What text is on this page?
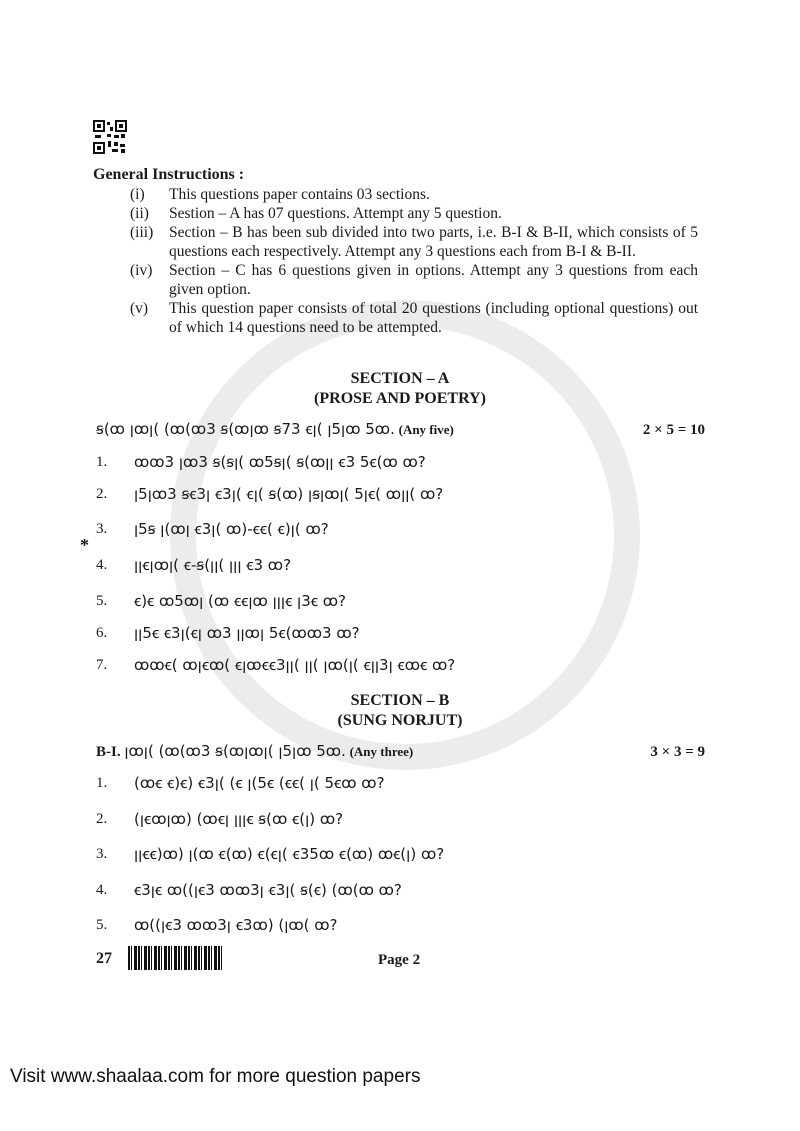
General Instructions :
(i) This questions paper contains 03 sections.
(ii) Sestion – A has 07 questions. Attempt any 5 question.
(iii) Section – B has been sub divided into two parts, i.e. B-I & B-II, which consists of 5 questions each respectively. Attempt any 3 questions each from B-I & B-II.
(iv) Section – C has 6 questions given in options. Attempt any 3 questions from each given option.
(v) This question paper consists of total 20 questions (including optional questions) out of which 14 questions need to be attempted.
SECTION – A
(PROSE AND POETRY)
ꞩ(ꝏ ꞁꝏꞁ( (ꝏ(ꝏ3 ꞩ(ꝏꞁꝏ ꞩ73 ꞓꞁ( ꞁ5ꞁꝏ 5ꝏ. (Any five)	2 × 5 = 10
1. ꝏꝏ3 ꞁꝏ3 ꞩ(ꞩꞁ( ꝏ5ꞩꞁ( ꞩ(ꝏꞁꞁ ꞓ3 5ꞓ(ꝏ ꝏ?
2. ꞁ5ꞁꝏ3 ꞩꞓ3ꞁ ꞓ3ꞁ( ꞓꞁ( ꞩ(ꝏ) ꞁꞩꞁꝏꞁ( 5ꞁꞓ( ꝏꞁꞁ( ꝏ?
3. ꞁ5ꞩ ꞁ(ꝏꞁ ꞓ3ꞁ( ꝏ)-ꞓꞓ( ꞓ)ꞁ( ꝏ?
4. ꞁꞁꞓꞁꝏꞁ( ꞓ-ꞩ(ꞁꞁ( ꞁꞁꞁ ꞓ3 ꝏ?
5. ꞓ)ꞓ ꝏ5ꝏꞁ (ꝏ ꞓꞓꞁꝏ ꞁꞁꞁꞓ ꞁ3ꞓ ꝏ?
6. ꞁꞁ5ꞓ ꞓ3ꞁ(ꞓꞁ ꝏ3 ꞁꞁꝏꞁ 5ꞓ(ꝏꝏ3 ꝏ?
7. ꝏꝏꞓ( ꝏꞁꞓꝏ( ꞓꞁꝏꞓꞓ3ꞁꞁ( ꞁꞁ( ꞁꝏ(ꞁ( ꞓꞁꞁ3ꞁ ꞓꝏꞓ ꝏ?
*
SECTION – B
(SUNG NORJUT)
B-I. ꞁꝏꞁ( (ꝏ(ꝏ3 ꞩ(ꝏꞁꝏꞁ( ꞁ5ꞁꝏ 5ꝏ. (Any three)	3 × 3 = 9
1. (ꝏꞓ ꞓ)ꞓ) ꞓ3ꞁ( (ꞓ ꞁ(5ꞓ (ꞓꞓ( ꞁ( 5ꞓꝏ ꝏ?
2. (ꞁꞓꝏꞁꝏ) (ꝏꞓꞁ ꞁꞁꞁꞓ ꞩ(ꝏ ꞓ(ꞁ) ꝏ?
3. ꞁꞁꞓꞓ)ꝏ) ꞁ(ꝏ ꞓ(ꝏ) ꞓ(ꞓꞁ( ꞓ35ꝏ ꞓ(ꝏ) ꝏꞓ(ꞁ) ꝏ?
4. ꞓ3ꞁꞓ ꝏ((ꞁꞓ3 ꝏꝏ3ꞁ ꞓ3ꞁ( ꞩ(ꞓ) (ꝏ(ꝏ ꝏ?
5. ꝏ((ꞁꞓ3 ꝏꝏ3ꞁ ꞓ3ꝏ) (ꞁꝏ( ꝏ?
27	Page 2
Visit www.shaalaa.com for more question papers
